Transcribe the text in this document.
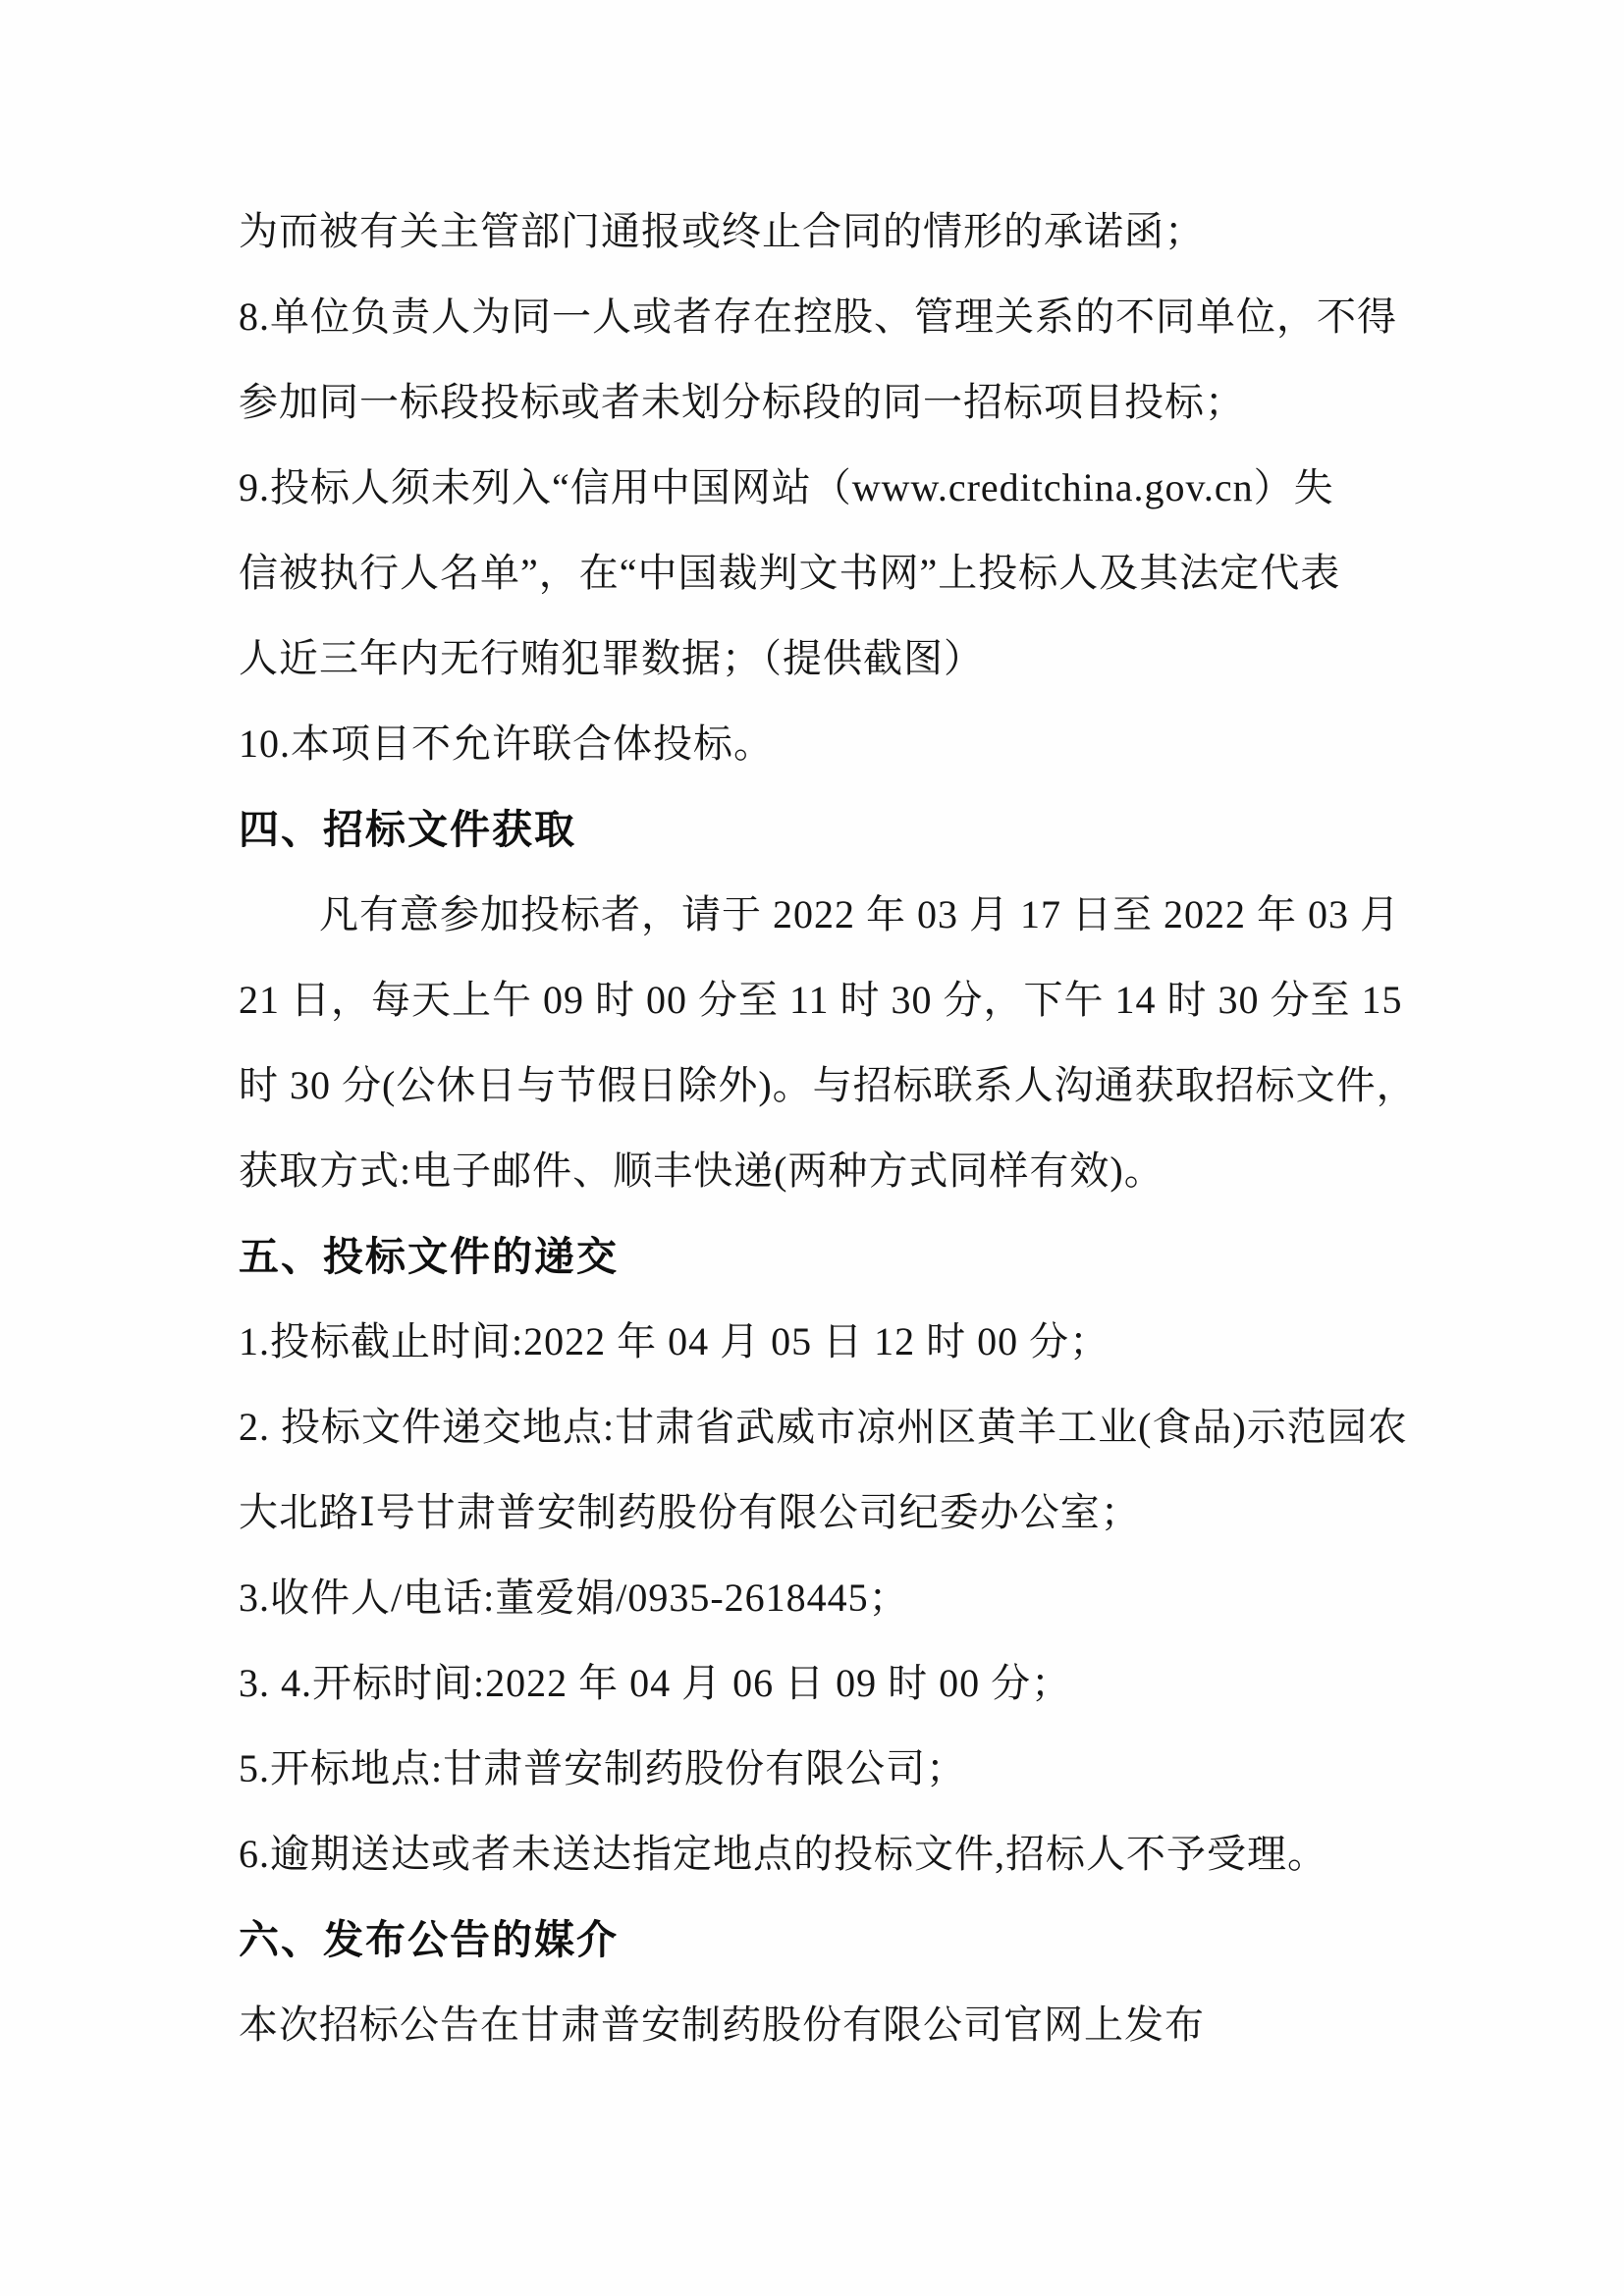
为而被有关主管部门通报或终止合同的情形的承诺函；
8.单位负责人为同一人或者存在控股、管理关系的不同单位，不得
参加同一标段投标或者未划分标段的同一招标项目投标；
9.投标人须未列入“信用中国网站（www.creditchina.gov.cn）失
信被执行人名单”，在“中国裁判文书网”上投标人及其法定代表
人近三年内无行贿犯罪数据；（提供截图）
10.本项目不允许联合体投标。
四、招标文件获取
凡有意参加投标者，请于 2022 年 03 月 17 日至 2022 年 03 月
21 日，每天上午 09 时 00 分至 11 时 30 分，下午 14 时 30 分至 15
时 30 分(公休日与节假日除外)。与招标联系人沟通获取招标文件，
获取方式:电子邮件、顺丰快递(两种方式同样有效)。
五、投标文件的递交
1.投标截止时间:2022 年 04 月 05 日 12 时 00 分；
2. 投标文件递交地点:甘肃省武威市凉州区黄羊工业(食品)示范园农
大北路Ⅰ号甘肃普安制药股份有限公司纪委办公室；
3.收件人/电话:董爱娟/0935-2618445；
3. 4.开标时间:2022 年 04 月 06 日 09 时 00 分；
5.开标地点:甘肃普安制药股份有限公司；
6.逾期送达或者未送达指定地点的投标文件,招标人不予受理。
六、发布公告的媒介
本次招标公告在甘肃普安制药股份有限公司官网上发布
